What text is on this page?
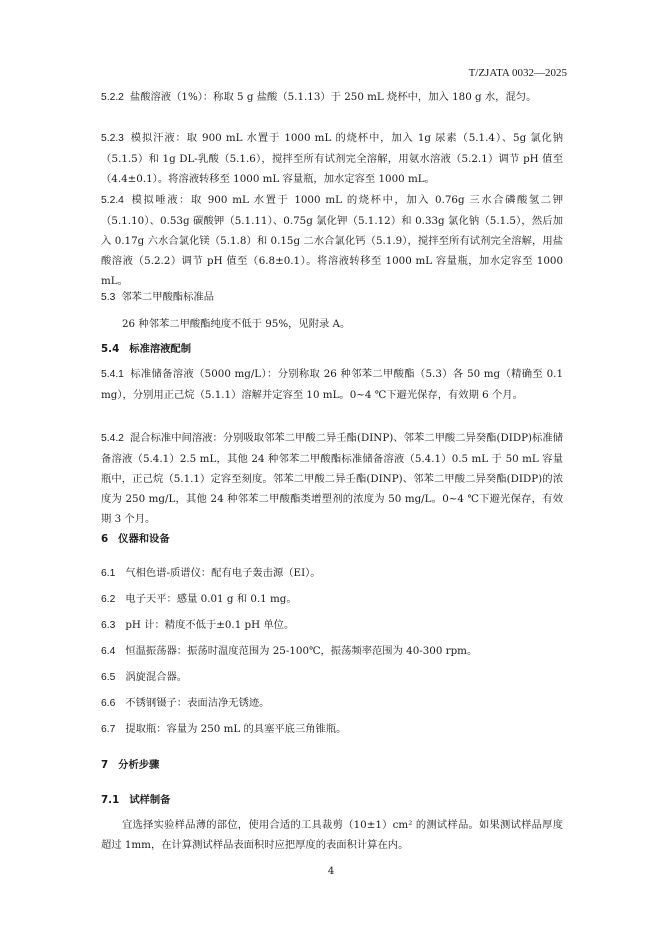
T/ZJATA 0032—2025

5.2.2 盐酸溶液（1%）：称取 5 g 盐酸（5.1.13）于 250 mL 烧杯中，加入 180 g 水，混匀。

5.2.3 模拟汗液：取 900 mL 水置于 1000 mL 的烧杯中，加入 1g 尿素（5.1.4）、5g 氯化钠（5.1.5）和 1g DL-乳酸（5.1.6），搅拌至所有试剂完全溶解，用氨水溶液（5.2.1）调节 pH 值至（4.4±0.1）。将溶液转移至 1000 mL 容量瓶，加水定容至 1000 mL。

5.2.4 模拟唾液：取 900 mL 水置于 1000 mL 的烧杯中，加入 0.76g 三水合磷酸氢二钾（5.1.10）、0.53g 碳酸钾（5.1.11）、0.75g 氯化钾（5.1.12）和 0.33g 氯化钠（5.1.5），然后加入 0.17g 六水合氯化镁（5.1.8）和 0.15g 二水合氯化钙（5.1.9），搅拌至所有试剂完全溶解，用盐酸溶液（5.2.2）调节 pH 值至（6.8±0.1）。将溶液转移至 1000 mL 容量瓶，加水定容至 1000 mL。

5.3 邻苯二甲酸酯标准品

26 种邻苯二甲酸酯纯度不低于 95%，见附录 A。

5.4 标准溶液配制

5.4.1 标准储备溶液（5000 mg/L）：分别称取 26 种邻苯二甲酸酯（5.3）各 50 mg（精确至 0.1 mg），分别用正己烷（5.1.1）溶解并定容至 10 mL。0~4 ℃下避光保存，有效期 6 个月。

5.4.2 混合标准中间溶液：分别吸取邻苯二甲酸二异壬酯(DINP)、邻苯二甲酸二异癸酯(DIDP)标准储备溶液（5.4.1）2.5 mL，其他 24 种邻苯二甲酸酯标准储备溶液（5.4.1）0.5 mL 于 50 mL 容量瓶中，正己烷（5.1.1）定容至刻度。邻苯二甲酸二异壬酯(DINP)、邻苯二甲酸二异癸酯(DIDP)的浓度为 250 mg/L，其他 24 种邻苯二甲酸酯类增塑剂的浓度为 50 mg/L。0~4 ℃下避光保存，有效期 3 个月。

6 仪器和设备

6.1 气相色谱-质谱仪：配有电子轰击源（EI）。

6.2 电子天平：感量 0.01 g 和 0.1 mg。

6.3 pH 计：精度不低于±0.1 pH 单位。

6.4 恒温振荡器：振荡时温度范围为 25-100℃，振荡频率范围为 40-300 rpm。

6.5 涡旋混合器。

6.6 不锈钢镊子：表面洁净无锈迹。

6.7 提取瓶：容量为 250 mL 的具塞平底三角锥瓶。

7 分析步骤

7.1 试样制备

宜选择实验样品薄的部位，使用合适的工具裁剪（10±1）cm² 的测试样品。如果测试样品厚度超过 1mm，在计算测试样品表面积时应把厚度的表面积计算在内。

4
